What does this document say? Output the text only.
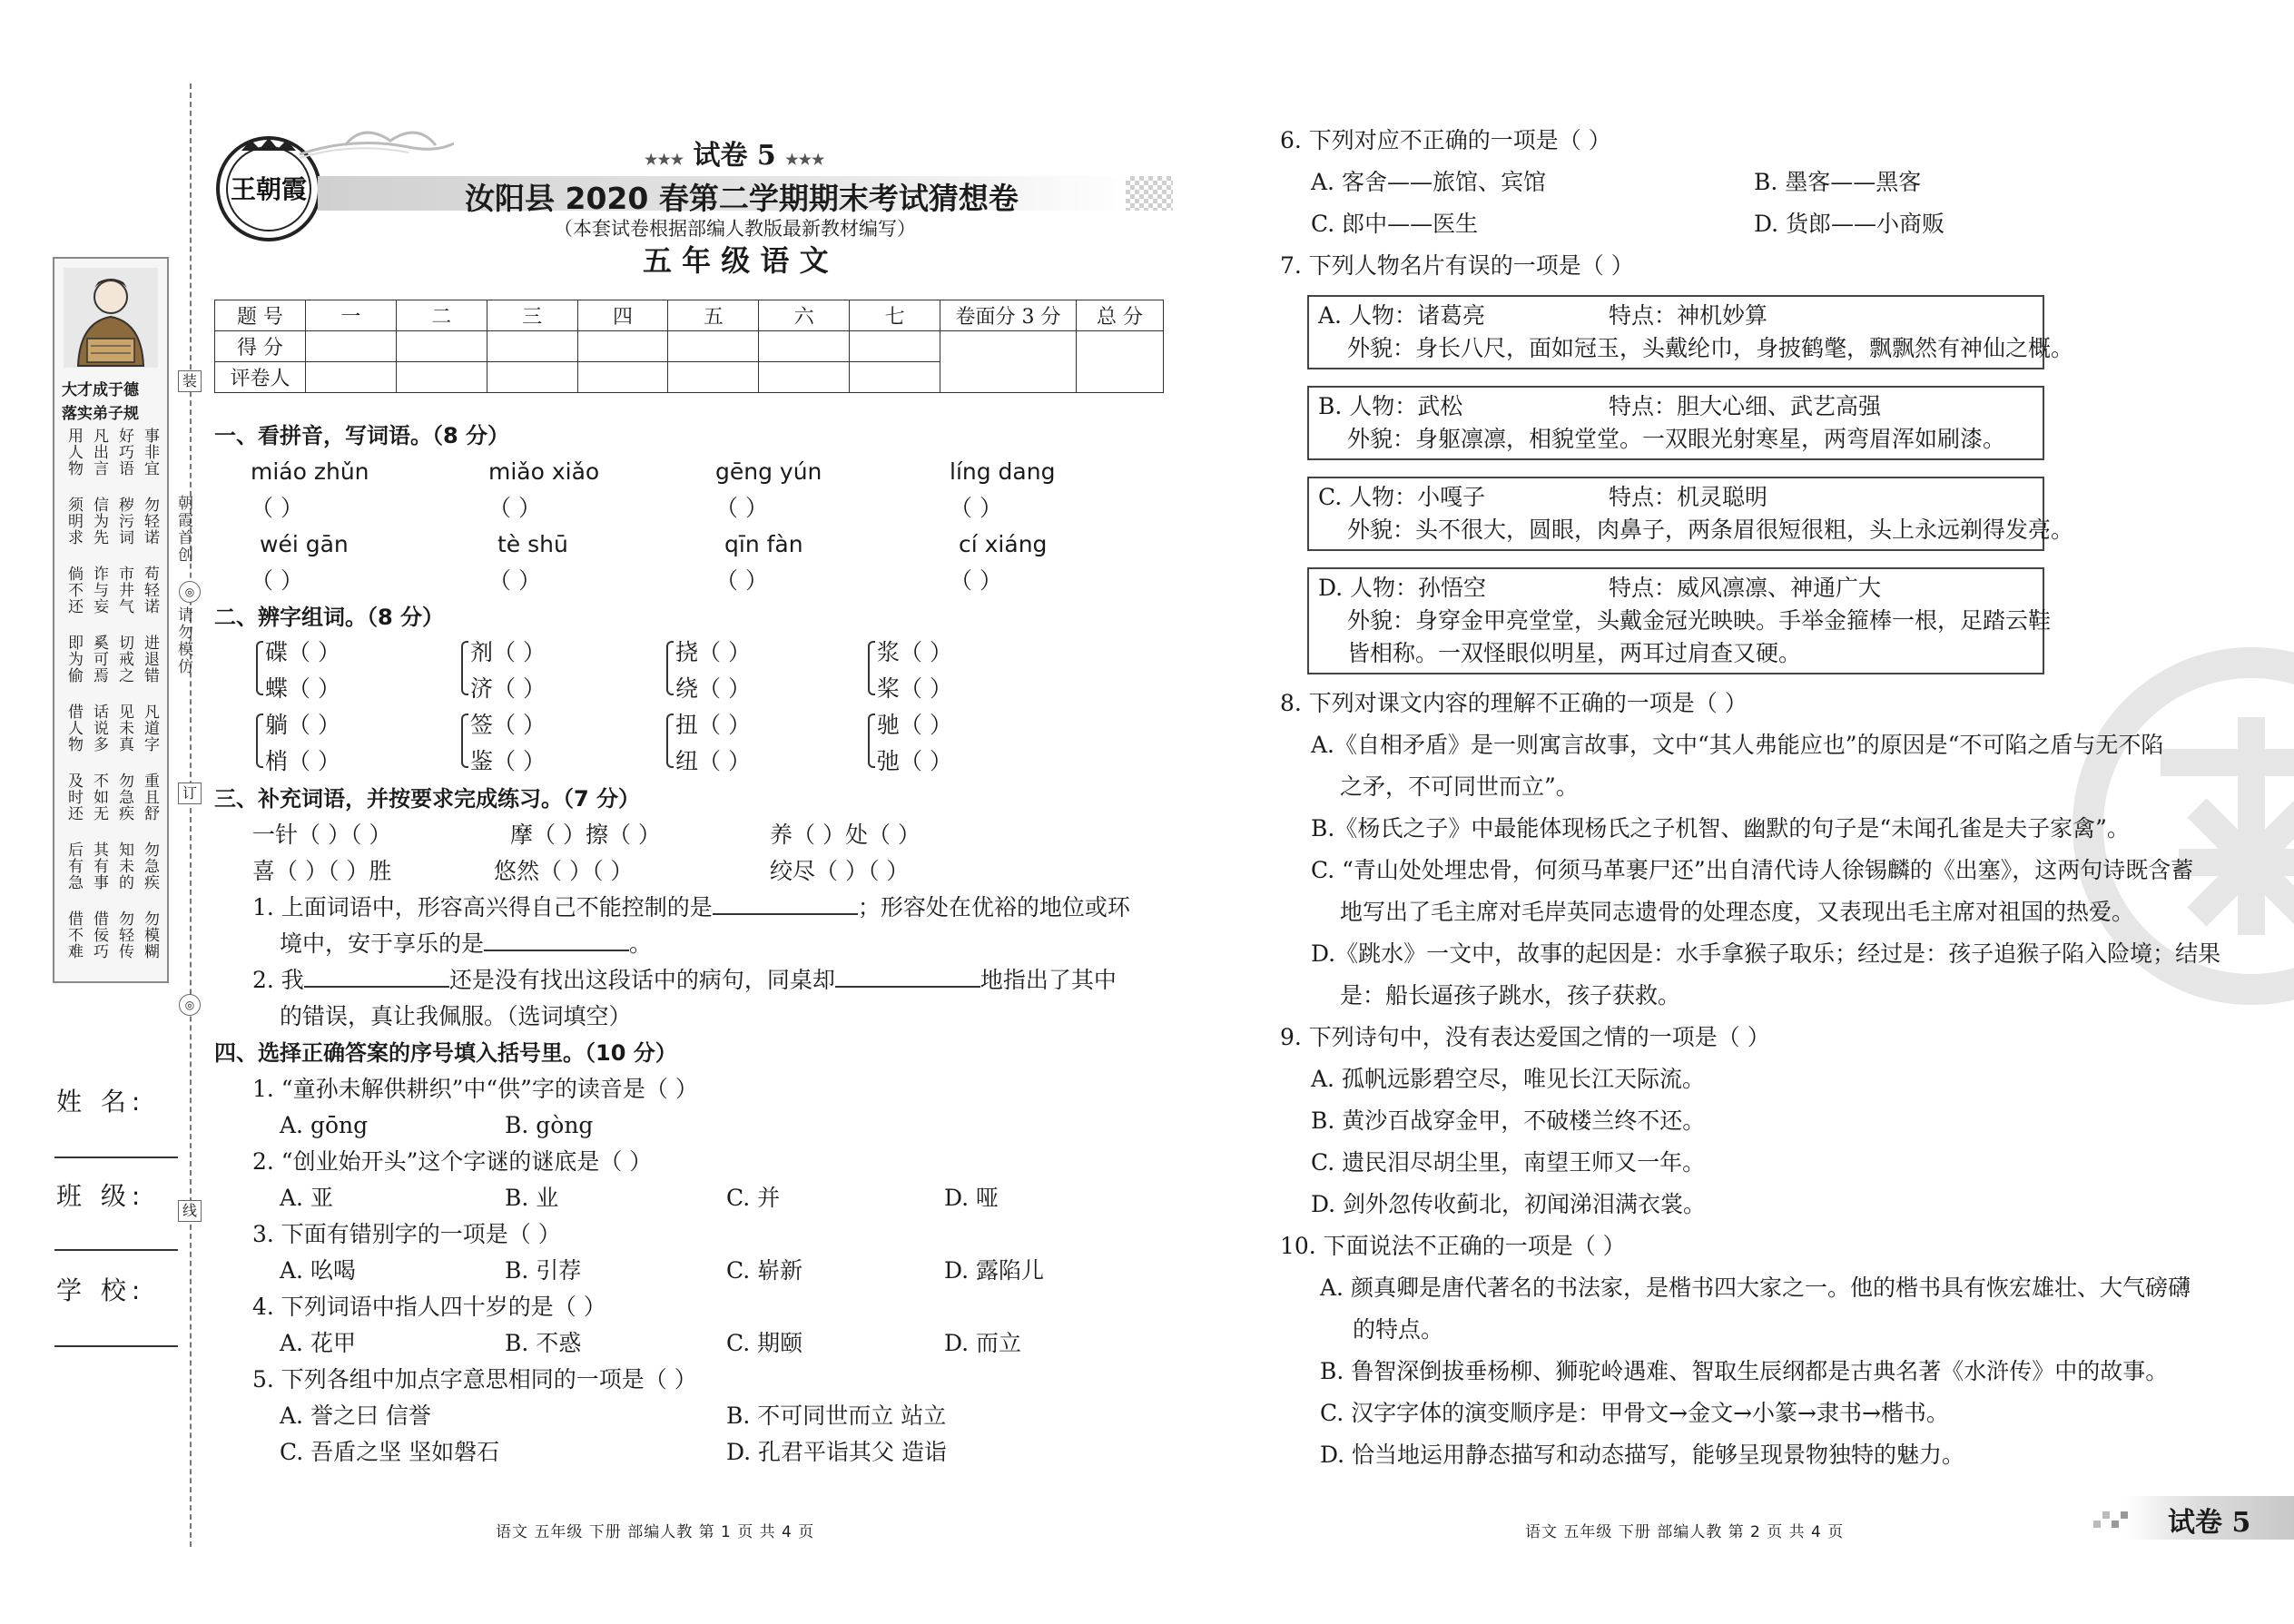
装
订
线
◎
◎
朝霞首创
请勿模仿
大才成于德
落实弟子规
事非宜
好巧语
凡出言
用人物
勿轻诺
秽污词
信为先
须明求
苟轻诺
市井气
诈与妄
倘不还
进退错
切戒之
奚可焉
即为偷
凡道字
见未真
话说多
借人物
重且舒
勿急疾
不如无
及时还
勿急疾
知未的
其有事
后有急
勿模糊
勿轻传
借佞巧
借不难
姓 名:
班 级:
学 校:
王朝霞
★★★ 试卷 5 ★★★
汝阳县 2020 春第二学期期末考试猜想卷
（本套试卷根据部编人教版最新教材编写）
五 年 级 语 文
题 号	一	二	三	四	五	六	七	卷面分 3 分	总 分
得 分									
评卷人									
一、看拼音，写词语。（8 分）
miáo zhǔn	miǎo xiǎo	gēng yún	líng dang
（ ）	（ ）	（ ）	（ ）
wéi gān	tè shū	qīn fàn	cí xiáng
（ ）	（ ）	（ ）	（ ）
二、辨字组词。（8 分）
碟（ ）
蝶（ ）
剂（ ）
济（ ）
挠（ ）
绕（ ）
浆（ ）
桨（ ）
躺（ ）
梢（ ）
签（ ）
鉴（ ）
扭（ ）
纽（ ）
驰（ ）
弛（ ）
三、补充词语，并按要求完成练习。（7 分）
一针（ ）（ ）	摩（ ）擦（ ）	养（ ）处（ ）
喜（ ）（ ）胜	悠然（ ）（ ）	绞尽（ ）（ ）
1. 上面词语中，形容高兴得自己不能控制的是	；形容处在优裕的地位或环
境中，安于享乐的是	。
2. 我	还是没有找出这段话中的病句，同桌却	地指出了其中
的错误，真让我佩服。（选词填空）
四、选择正确答案的序号填入括号里。（10 分）
1. “童孙未解供耕织”中“供”字的读音是（ ）
A. gōng	B. gòng
2. “创业始开头”这个字谜的谜底是（ ）
A. 亚	B. 业	C. 并	D. 哑
3. 下面有错别字的一项是（ ）
A. 吆喝	B. 引荐	C. 崭新	D. 露陷儿
4. 下列词语中指人四十岁的是（ ）
A. 花甲	B. 不惑	C. 期颐	D. 而立
5. 下列各组中加点字意思相同的一项是（ ）
A. 誉之曰 信誉	B. 不可同世而立 站立
C. 吾盾之坚 坚如磐石	D. 孔君平诣其父 造诣
语文 五年级 下册 部编人教 第 1 页 共 4 页
6. 下列对应不正确的一项是（ ）
A. 客舍——旅馆、宾馆	B. 墨客——黑客
C. 郎中——医生	D. 货郎——小商贩
7. 下列人物名片有误的一项是（ ）
A. 人物：诸葛亮	特点：神机妙算
外貌：身长八尺，面如冠玉，头戴纶巾，身披鹤氅，飘飘然有神仙之概。
B. 人物：武松	特点：胆大心细、武艺高强
外貌：身躯凛凛，相貌堂堂。一双眼光射寒星，两弯眉浑如刷漆。
C. 人物：小嘎子	特点：机灵聪明
外貌：头不很大，圆眼，肉鼻子，两条眉很短很粗，头上永远剃得发亮。
D. 人物：孙悟空	特点：威风凛凛、神通广大
外貌：身穿金甲亮堂堂，头戴金冠光映映。手举金箍棒一根，足踏云鞋
皆相称。一双怪眼似明星，两耳过肩查又硬。
8. 下列对课文内容的理解不正确的一项是（ ）
A.《自相矛盾》是一则寓言故事，文中“其人弗能应也”的原因是“不可陷之盾与无不陷
之矛，不可同世而立”。
B.《杨氏之子》中最能体现杨氏之子机智、幽默的句子是“未闻孔雀是夫子家禽”。
C. “青山处处埋忠骨，何须马革裹尸还”出自清代诗人徐锡麟的《出塞》，这两句诗既含蓄
地写出了毛主席对毛岸英同志遗骨的处理态度，又表现出毛主席对祖国的热爱。
D.《跳水》一文中，故事的起因是：水手拿猴子取乐；经过是：孩子追猴子陷入险境；结果
是：船长逼孩子跳水，孩子获救。
9. 下列诗句中，没有表达爱国之情的一项是（ ）
A. 孤帆远影碧空尽，唯见长江天际流。
B. 黄沙百战穿金甲，不破楼兰终不还。
C. 遗民泪尽胡尘里，南望王师又一年。
D. 剑外忽传收蓟北，初闻涕泪满衣裳。
10. 下面说法不正确的一项是（ ）
A. 颜真卿是唐代著名的书法家，是楷书四大家之一。他的楷书具有恢宏雄壮、大气磅礴
的特点。
B. 鲁智深倒拔垂杨柳、狮驼岭遇难、智取生辰纲都是古典名著《水浒传》中的故事。
C. 汉字字体的演变顺序是：甲骨文→金文→小篆→隶书→楷书。
D. 恰当地运用静态描写和动态描写，能够呈现景物独特的魅力。
语文 五年级 下册 部编人教 第 2 页 共 4 页	试卷 5
